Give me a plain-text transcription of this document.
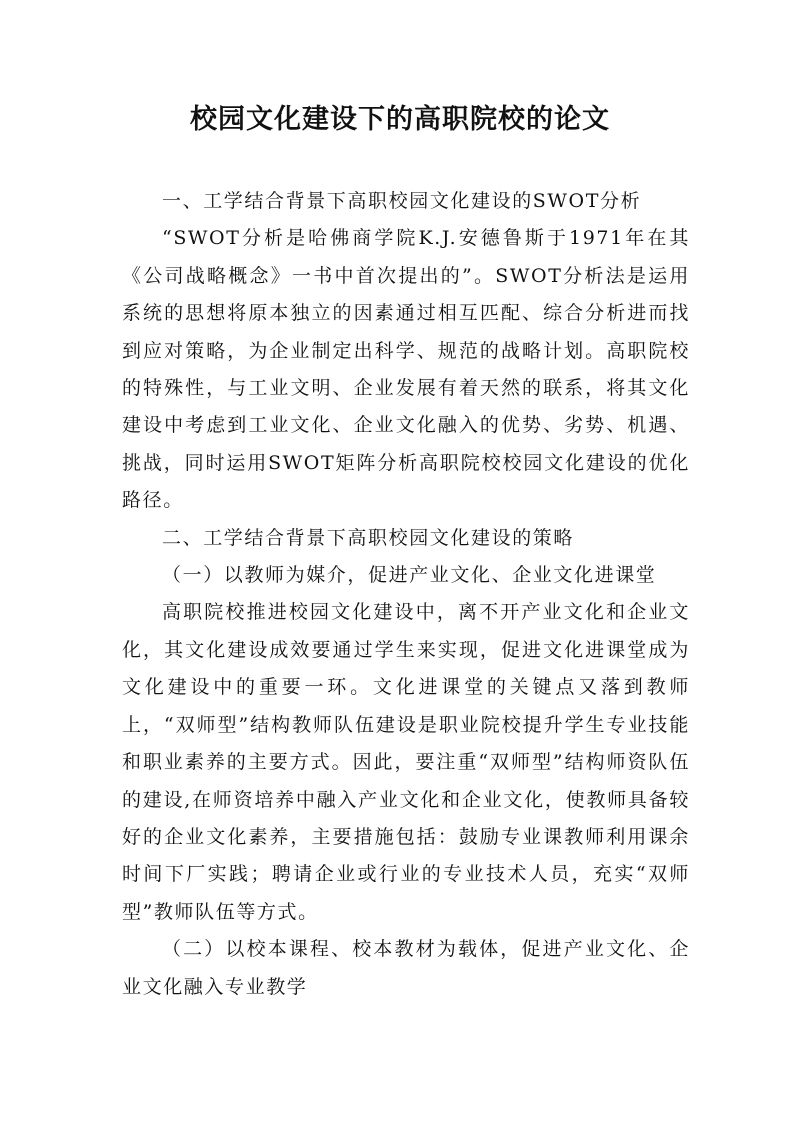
校园文化建设下的高职院校的论文

一、工学结合背景下高职校园文化建设的SWOT分析

“SWOT分析是哈佛商学院K.J.安德鲁斯于1971年在其《公司战略概念》一书中首次提出的”。SWOT分析法是运用系统的思想将原本独立的因素通过相互匹配、综合分析进而找到应对策略，为企业制定出科学、规范的战略计划。高职院校的特殊性，与工业文明、企业发展有着天然的联系，将其文化建设中考虑到工业文化、企业文化融入的优势、劣势、机遇、挑战，同时运用SWOT矩阵分析高职院校校园文化建设的优化路径。

二、工学结合背景下高职校园文化建设的策略

（一）以教师为媒介，促进产业文化、企业文化进课堂

高职院校推进校园文化建设中，离不开产业文化和企业文化，其文化建设成效要通过学生来实现，促进文化进课堂成为文化建设中的重要一环。文化进课堂的关键点又落到教师上，“双师型”结构教师队伍建设是职业院校提升学生专业技能和职业素养的主要方式。因此，要注重“双师型”结构师资队伍的建设,在师资培养中融入产业文化和企业文化，使教师具备较好的企业文化素养，主要措施包括：鼓励专业课教师利用课余时间下厂实践；聘请企业或行业的专业技术人员，充实“双师型”教师队伍等方式。

（二）以校本课程、校本教材为载体，促进产业文化、企业文化融入专业教学
